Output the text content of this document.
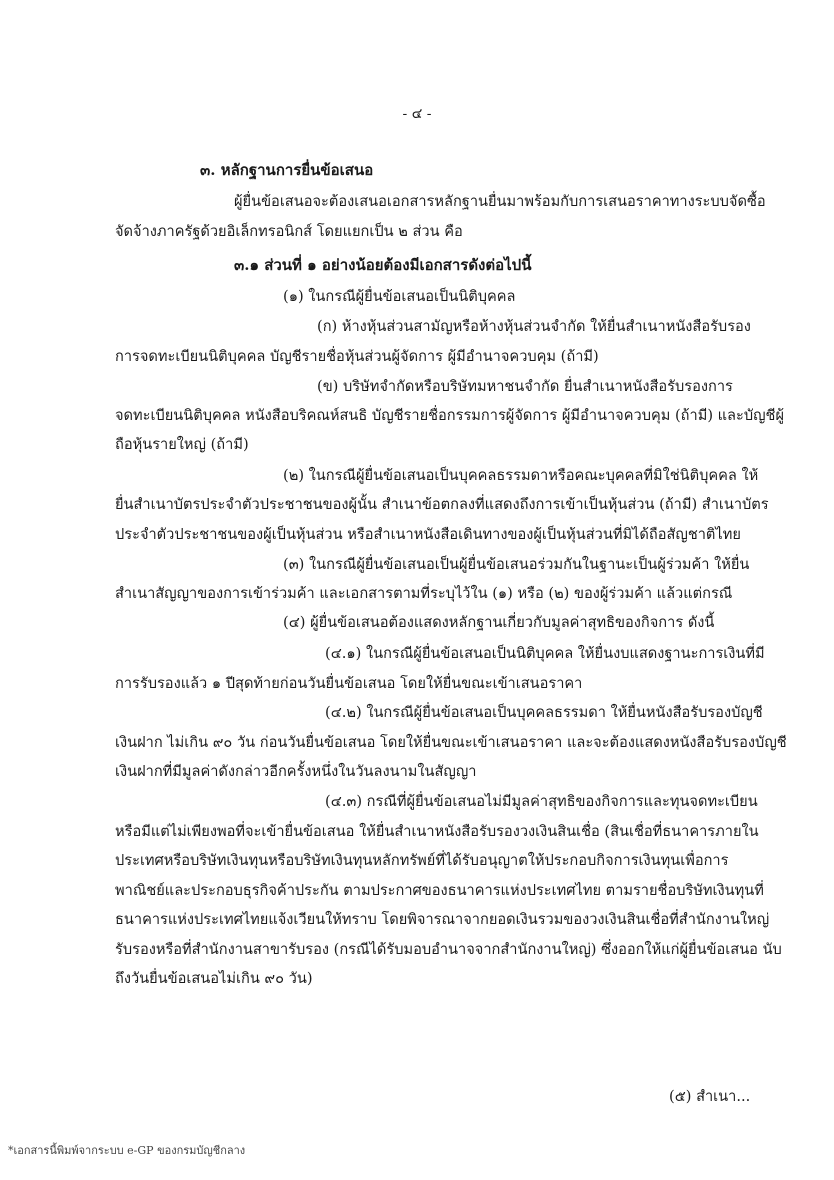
- ๔ -
๓. หลักฐานการยื่นข้อเสนอ
ผู้ยื่นข้อเสนอจะต้องเสนอเอกสารหลักฐานยื่นมาพร้อมกับการเสนอราคาทางระบบจัดซื้อ
จัดจ้างภาครัฐด้วยอิเล็กทรอนิกส์ โดยแยกเป็น ๒ ส่วน คือ
๓.๑ ส่วนที่ ๑ อย่างน้อยต้องมีเอกสารดังต่อไปนี้
(๑) ในกรณีผู้ยื่นข้อเสนอเป็นนิติบุคคล
(ก) ห้างหุ้นส่วนสามัญหรือห้างหุ้นส่วนจำกัด ให้ยื่นสำเนาหนังสือรับรอง
การจดทะเบียนนิติบุคคล บัญชีรายชื่อหุ้นส่วนผู้จัดการ ผู้มีอำนาจควบคุม (ถ้ามี)
(ข) บริษัทจำกัดหรือบริษัทมหาชนจำกัด ยื่นสำเนาหนังสือรับรองการ
จดทะเบียนนิติบุคคล หนังสือบริคณห์สนธิ บัญชีรายชื่อกรรมการผู้จัดการ ผู้มีอำนาจควบคุม (ถ้ามี) และบัญชีผู้
ถือหุ้นรายใหญ่ (ถ้ามี)
(๒) ในกรณีผู้ยื่นข้อเสนอเป็นบุคคลธรรมดาหรือคณะบุคคลที่มิใช่นิติบุคคล ให้
ยื่นสำเนาบัตรประจำตัวประชาชนของผู้นั้น สำเนาข้อตกลงที่แสดงถึงการเข้าเป็นหุ้นส่วน (ถ้ามี) สำเนาบัตร
ประจำตัวประชาชนของผู้เป็นหุ้นส่วน หรือสำเนาหนังสือเดินทางของผู้เป็นหุ้นส่วนที่มิได้ถือสัญชาติไทย
(๓) ในกรณีผู้ยื่นข้อเสนอเป็นผู้ยื่นข้อเสนอร่วมกันในฐานะเป็นผู้ร่วมค้า ให้ยื่น
สำเนาสัญญาของการเข้าร่วมค้า และเอกสารตามที่ระบุไว้ใน (๑) หรือ (๒) ของผู้ร่วมค้า แล้วแต่กรณี
(๔) ผู้ยื่นข้อเสนอต้องแสดงหลักฐานเกี่ยวกับมูลค่าสุทธิของกิจการ ดังนี้
(๔.๑) ในกรณีผู้ยื่นข้อเสนอเป็นนิติบุคคล ให้ยื่นงบแสดงฐานะการเงินที่มี
การรับรองแล้ว ๑ ปีสุดท้ายก่อนวันยื่นข้อเสนอ โดยให้ยื่นขณะเข้าเสนอราคา
(๔.๒) ในกรณีผู้ยื่นข้อเสนอเป็นบุคคลธรรมดา ให้ยื่นหนังสือรับรองบัญชี
เงินฝาก ไม่เกิน ๙๐ วัน ก่อนวันยื่นข้อเสนอ โดยให้ยื่นขณะเข้าเสนอราคา และจะต้องแสดงหนังสือรับรองบัญชี
เงินฝากที่มีมูลค่าดังกล่าวอีกครั้งหนึ่งในวันลงนามในสัญญา
(๔.๓) กรณีที่ผู้ยื่นข้อเสนอไม่มีมูลค่าสุทธิของกิจการและทุนจดทะเบียน
หรือมีแต่ไม่เพียงพอที่จะเข้ายื่นข้อเสนอ ให้ยื่นสำเนาหนังสือรับรองวงเงินสินเชื่อ (สินเชื่อที่ธนาคารภายใน
ประเทศหรือบริษัทเงินทุนหรือบริษัทเงินทุนหลักทรัพย์ที่ได้รับอนุญาตให้ประกอบกิจการเงินทุนเพื่อการ
พาณิชย์และประกอบธุรกิจค้าประกัน ตามประกาศของธนาคารแห่งประเทศไทย ตามรายชื่อบริษัทเงินทุนที่
ธนาคารแห่งประเทศไทยแจ้งเวียนให้ทราบ โดยพิจารณาจากยอดเงินรวมของวงเงินสินเชื่อที่สำนักงานใหญ่
รับรองหรือที่สำนักงานสาขารับรอง (กรณีได้รับมอบอำนาจจากสำนักงานใหญ่) ซึ่งออกให้แก่ผู้ยื่นข้อเสนอ นับ
ถึงวันยื่นข้อเสนอไม่เกิน ๙๐ วัน)
(๕) สำเนา...
*เอกสารนี้พิมพ์จากระบบ e-GP ของกรมบัญชีกลาง
